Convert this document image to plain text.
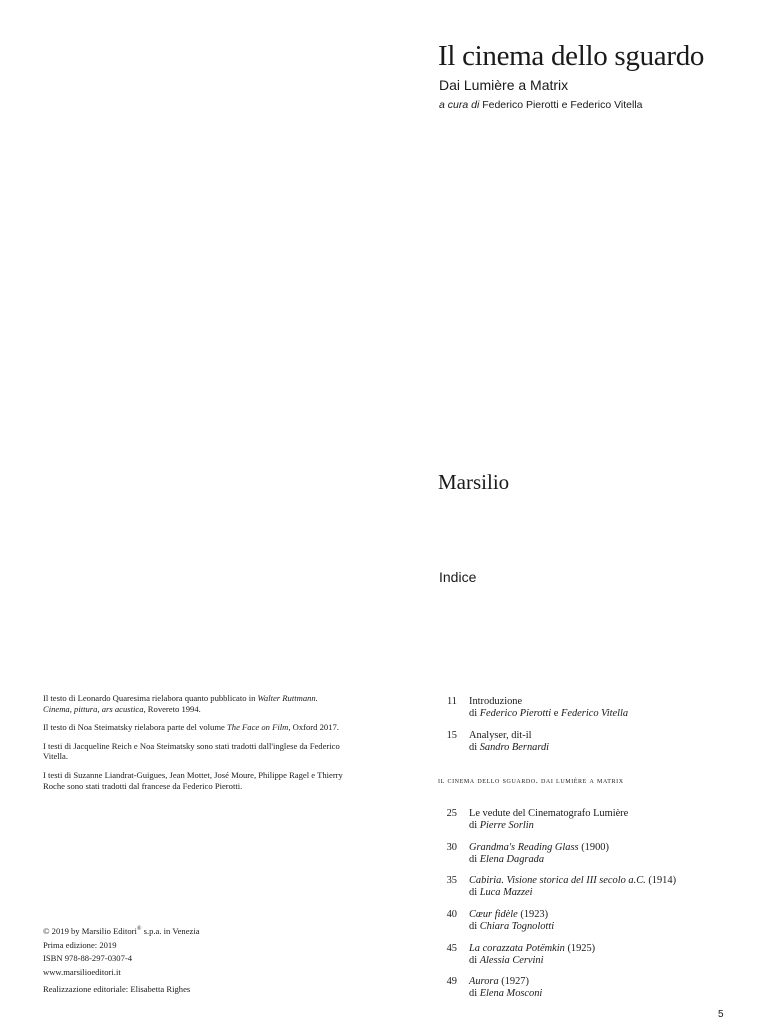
Il cinema dello sguardo
Dai Lumière a Matrix
a cura di Federico Pierotti e Federico Vitella
Marsilio
Indice

Il testo di Leonardo Quaresima rielabora quanto pubblicato in Walter Ruttmann. Cinema, pittura, ars acustica, Rovereto 1994.

Il testo di Noa Steimatsky rielabora parte del volume The Face on Film, Oxford 2017.

I testi di Jacqueline Reich e Noa Steimatsky sono stati tradotti dall'inglese da Federico Vitella.

I testi di Suzanne Liandrat-Guigues, Jean Mottet, José Moure, Philippe Ragel e Thierry Roche sono stati tradotti dal francese da Federico Pierotti.

© 2019 by Marsilio Editori® s.p.a. in Venezia
Prima edizione: 2019
ISBN 978-88-297-0307-4
www.marsilioeditori.it
Realizzazione editoriale: Elisabetta Righes
11 Introduzione
di Federico Pierotti e Federico Vitella
15 Analyser, dit-il
di Sandro Bernardi
il cinema dello sguardo. dai lumière a matrix
25 Le vedute del Cinematografo Lumière
di Pierre Sorlin
30 Grandma's Reading Glass (1900)
di Elena Dagrada
35 Cabiria. Visione storica del III secolo a.C. (1914)
di Luca Mazzei
40 Cœur fidèle (1923)
di Chiara Tognolotti
45 La corazzata Potëmkin (1925)
di Alessia Cervini
49 Aurora (1927)
di Elena Mosconi
5
